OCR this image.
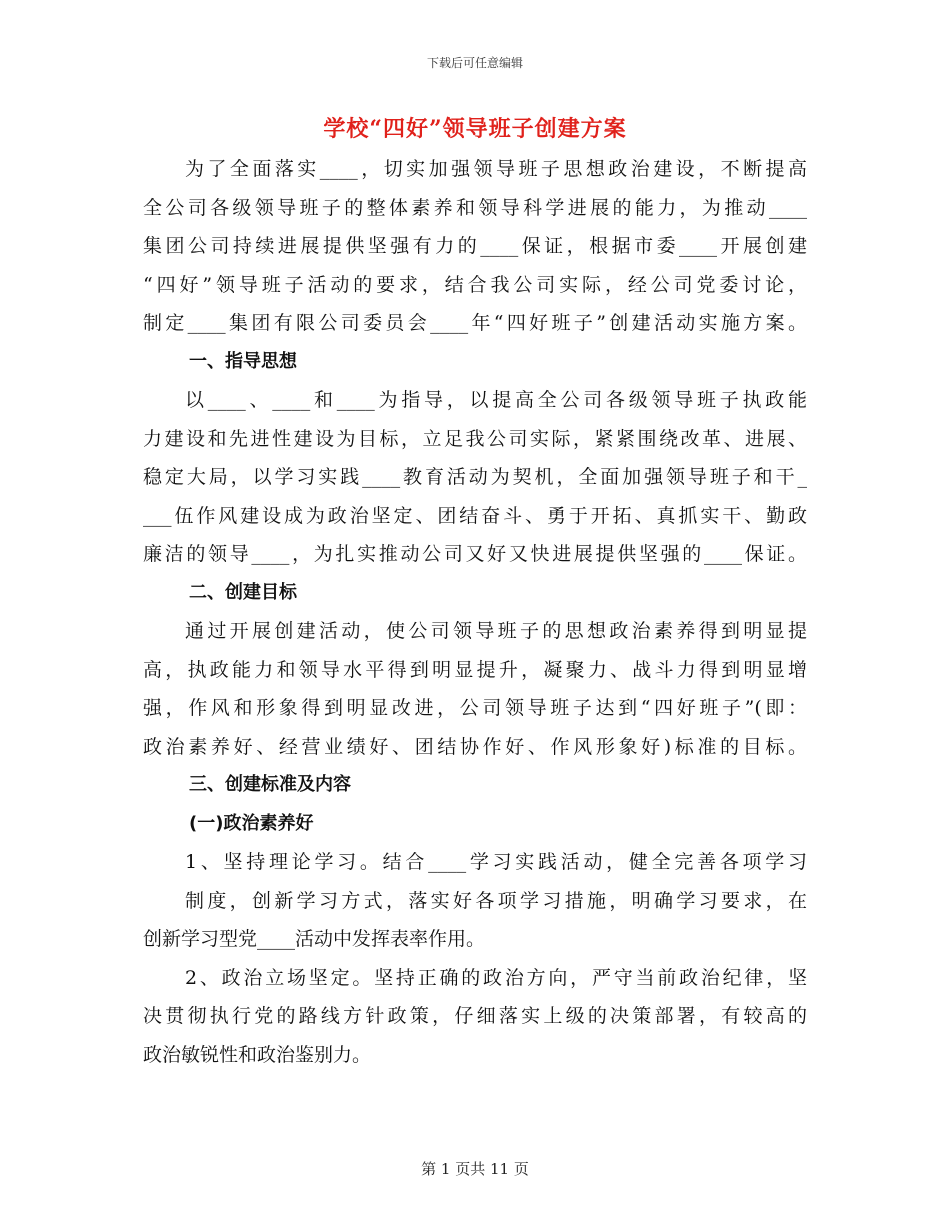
下载后可任意编辑
学校“四好”领导班子创建方案
为了全面落实____，切实加强领导班子思想政治建设，不断提高
全公司各级领导班子的整体素养和领导科学进展的能力，为推动____
集团公司持续进展提供坚强有力的____保证，根据市委____开展创建
“四好”领导班子活动的要求，结合我公司实际，经公司党委讨论，
制定____集团有限公司委员会____年“四好班子”创建活动实施方案。
一、指导思想
以____、____和____为指导，以提高全公司各级领导班子执政能
力建设和先进性建设为目标，立足我公司实际，紧紧围绕改革、进展、
稳定大局，以学习实践____教育活动为契机，全面加强领导班子和干_
___伍作风建设成为政治坚定、团结奋斗、勇于开拓、真抓实干、勤政
廉洁的领导____，为扎实推动公司又好又快进展提供坚强的____保证。
二、创建目标
通过开展创建活动，使公司领导班子的思想政治素养得到明显提
高，执政能力和领导水平得到明显提升，凝聚力、战斗力得到明显增
强，作风和形象得到明显改进，公司领导班子达到“四好班子”(即：
政治素养好、经营业绩好、团结协作好、作风形象好)标准的目标。
三、创建标准及内容
(一)政治素养好
1、坚持理论学习。结合____学习实践活动，健全完善各项学习
制度，创新学习方式，落实好各项学习措施，明确学习要求，在
创新学习型党____活动中发挥表率作用。
2、政治立场坚定。坚持正确的政治方向，严守当前政治纪律，坚
决贯彻执行党的路线方针政策，仔细落实上级的决策部署，有较高的
政治敏锐性和政治鉴别力。
第 1 页共 11 页
